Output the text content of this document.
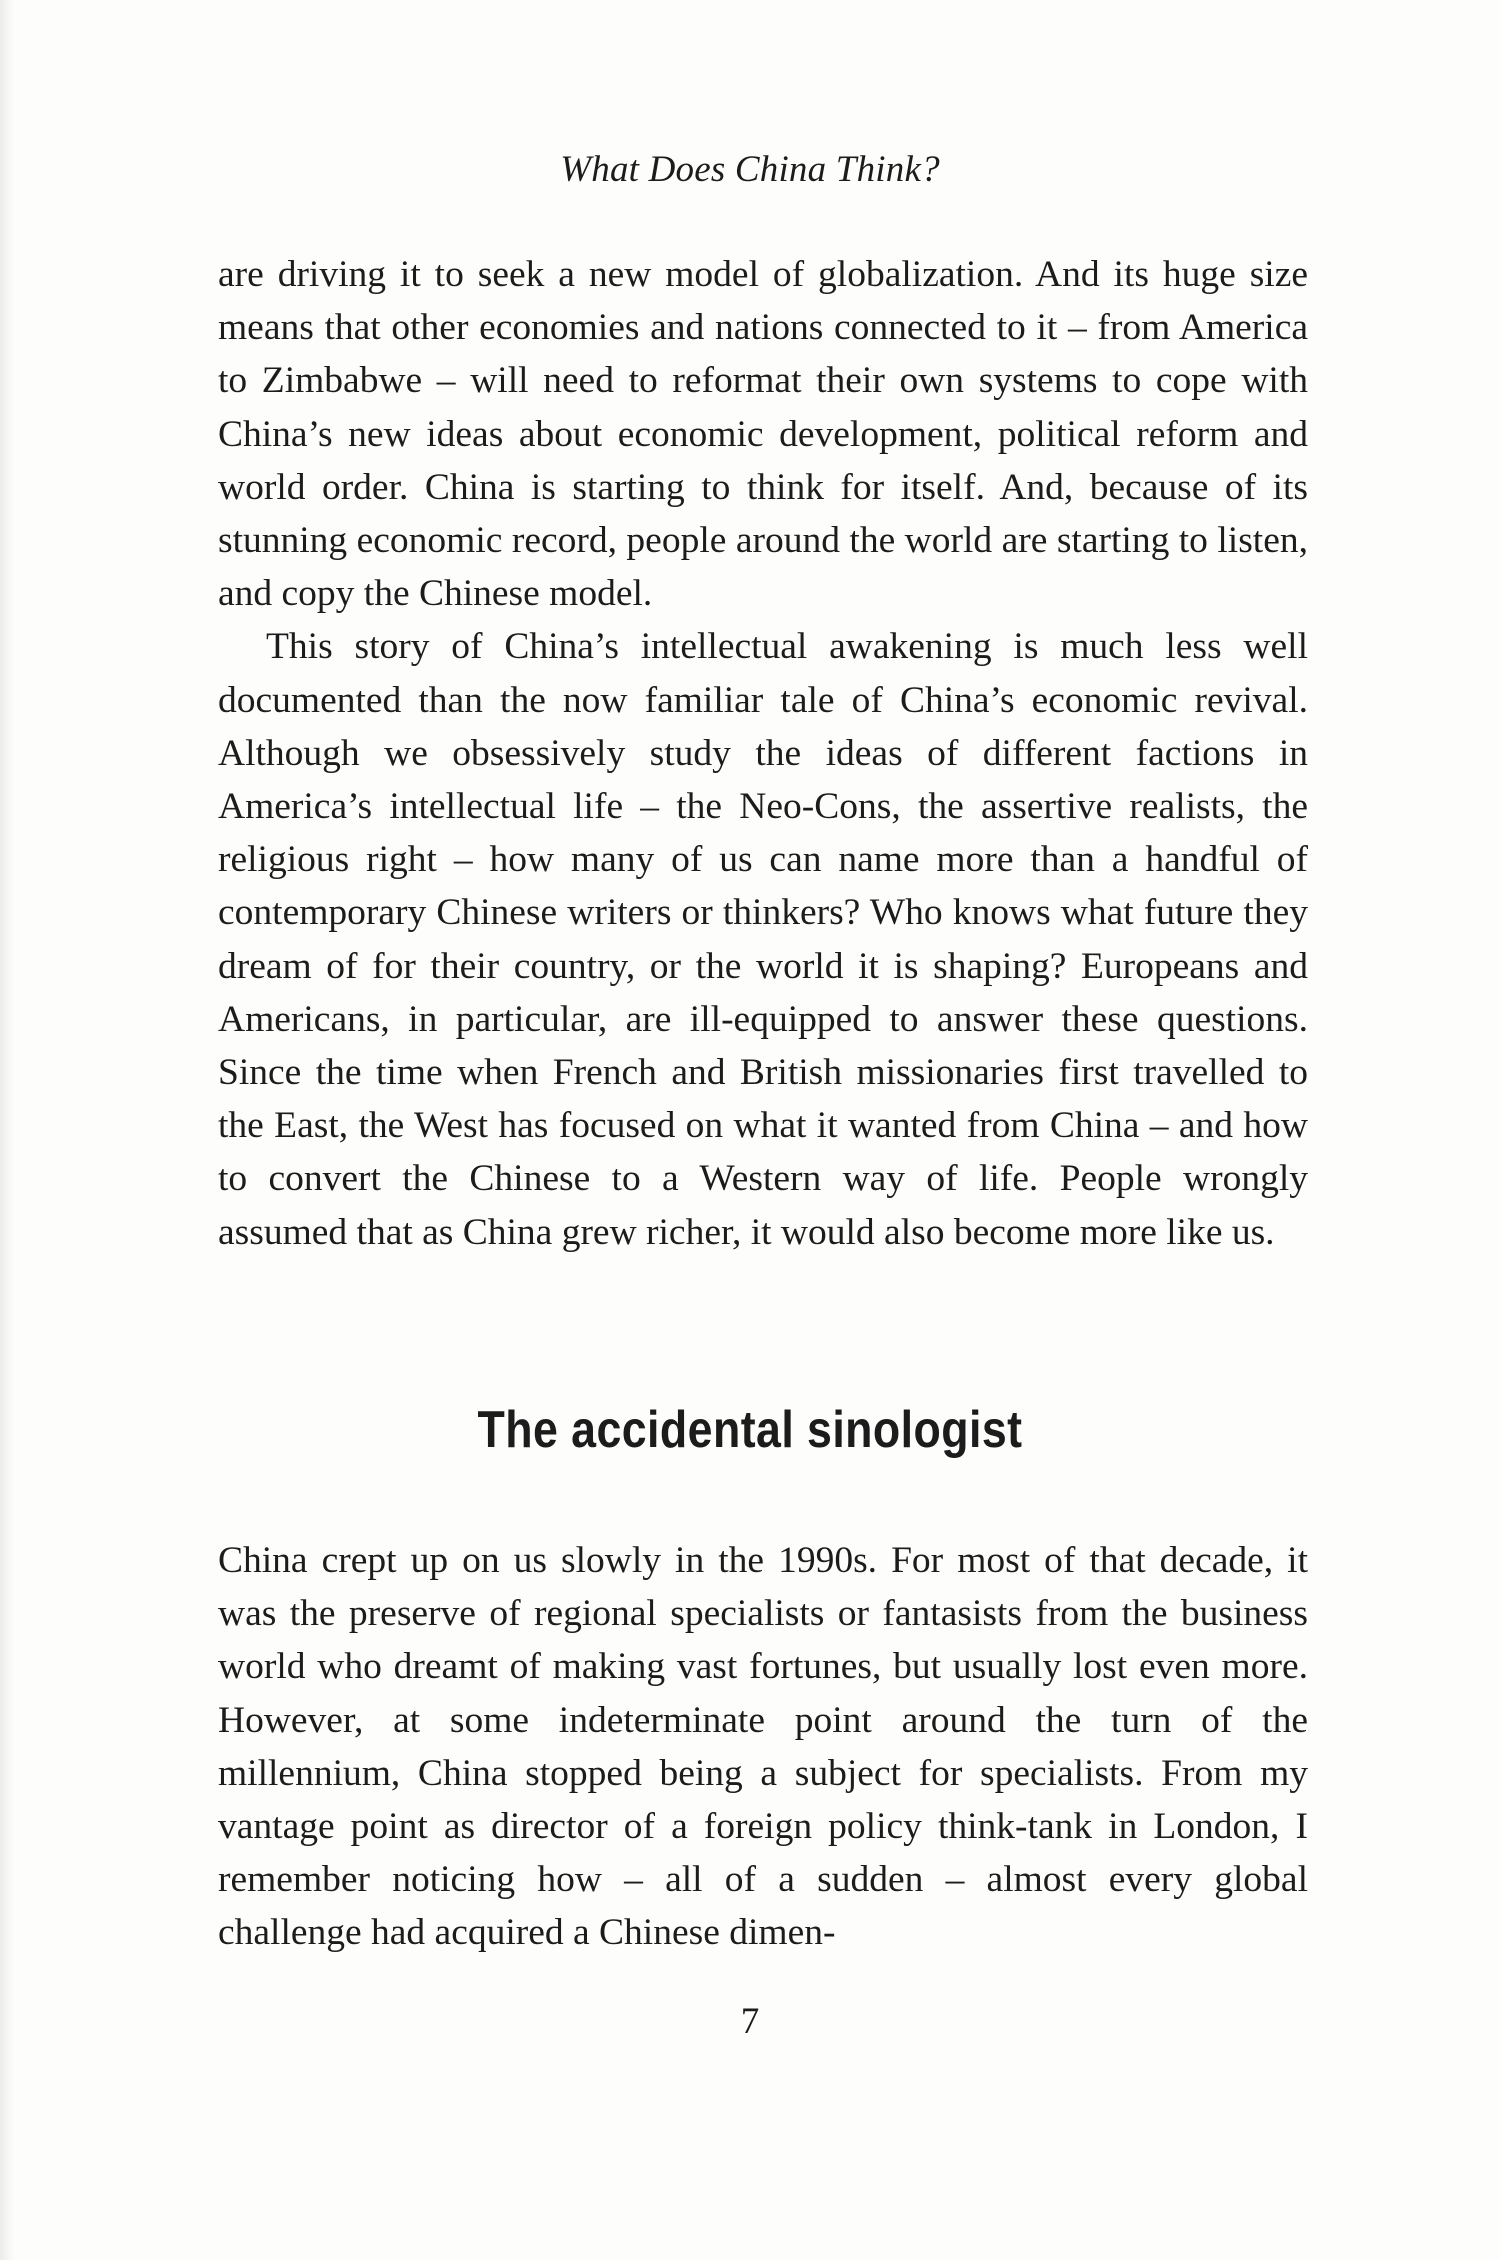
What Does China Think?

are driving it to seek a new model of globalization. And its huge size means that other economies and nations connected to it – from America to Zimbabwe – will need to reformat their own systems to cope with China’s new ideas about economic development, political reform and world order. China is starting to think for itself. And, because of its stunning economic record, people around the world are starting to listen, and copy the Chinese model.

This story of China’s intellectual awakening is much less well documented than the now familiar tale of China’s economic revival. Although we obsessively study the ideas of different factions in America’s intellectual life – the Neo-Cons, the assertive realists, the religious right – how many of us can name more than a handful of contemporary Chinese writers or thinkers? Who knows what future they dream of for their country, or the world it is shaping? Europeans and Americans, in particular, are ill-equipped to answer these questions. Since the time when French and British missionaries first travelled to the East, the West has focused on what it wanted from China – and how to convert the Chinese to a Western way of life. People wrongly assumed that as China grew richer, it would also become more like us.

The accidental sinologist

China crept up on us slowly in the 1990s. For most of that decade, it was the preserve of regional specialists or fantasists from the business world who dreamt of making vast fortunes, but usually lost even more. However, at some indeterminate point around the turn of the millennium, China stopped being a subject for specialists. From my vantage point as director of a foreign policy think-tank in London, I remember noticing how – all of a sudden – almost every global challenge had acquired a Chinese dimen-

7
